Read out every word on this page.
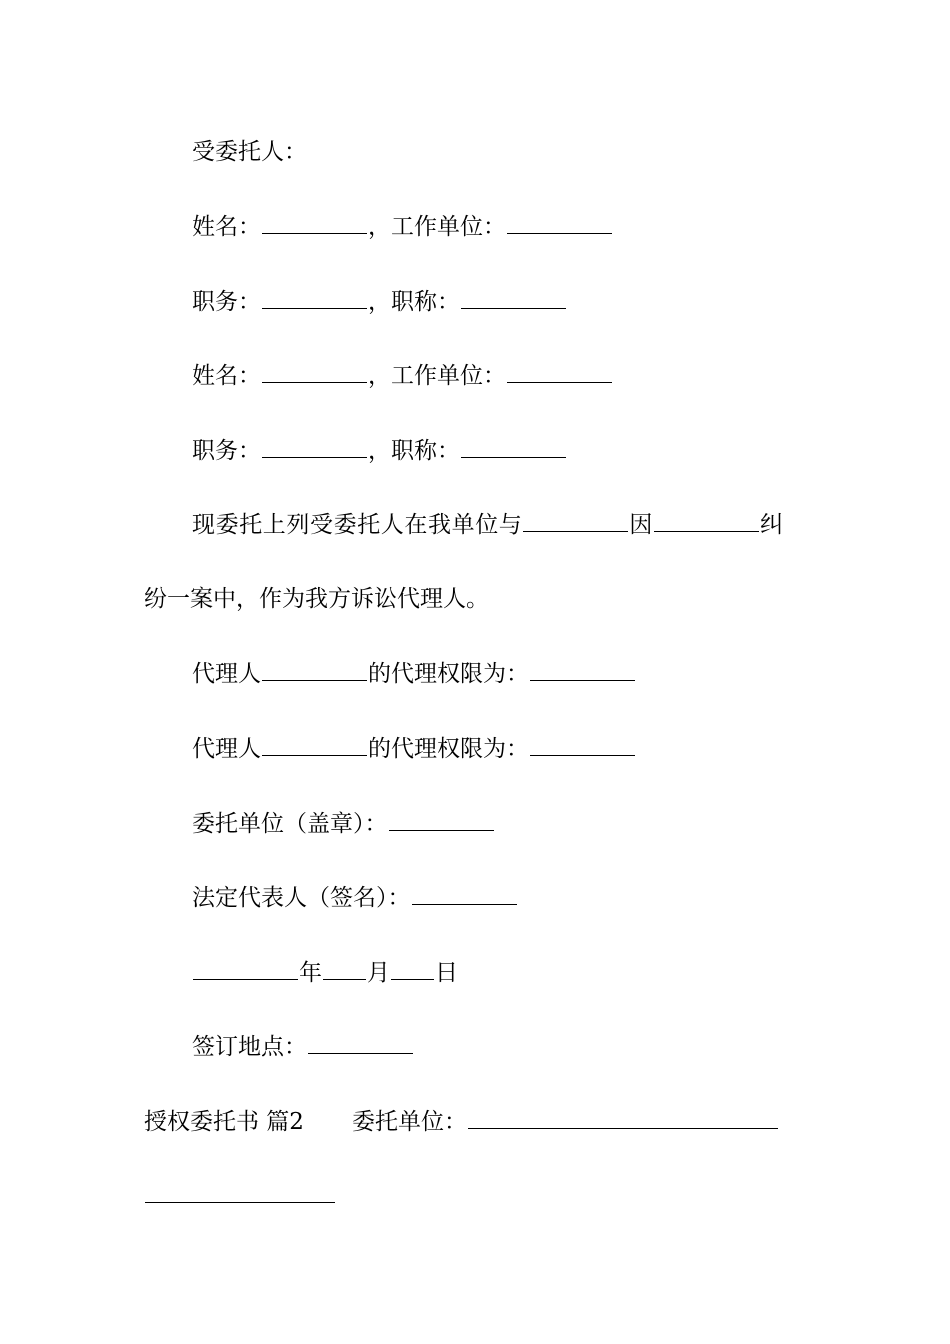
受委托人：
姓名：	，工作单位：
职务：	，职称：
姓名：	，工作单位：
职务：	，职称：
现委托上列受委托人在我单位与	因	纠
纷一案中，作为我方诉讼代理人。
代理人	的代理权限为：
代理人	的代理权限为：
委托单位（盖章）：
法定代表人（签名）：
年 月 日
签订地点：
授权委托书 篇2 委托单位：
